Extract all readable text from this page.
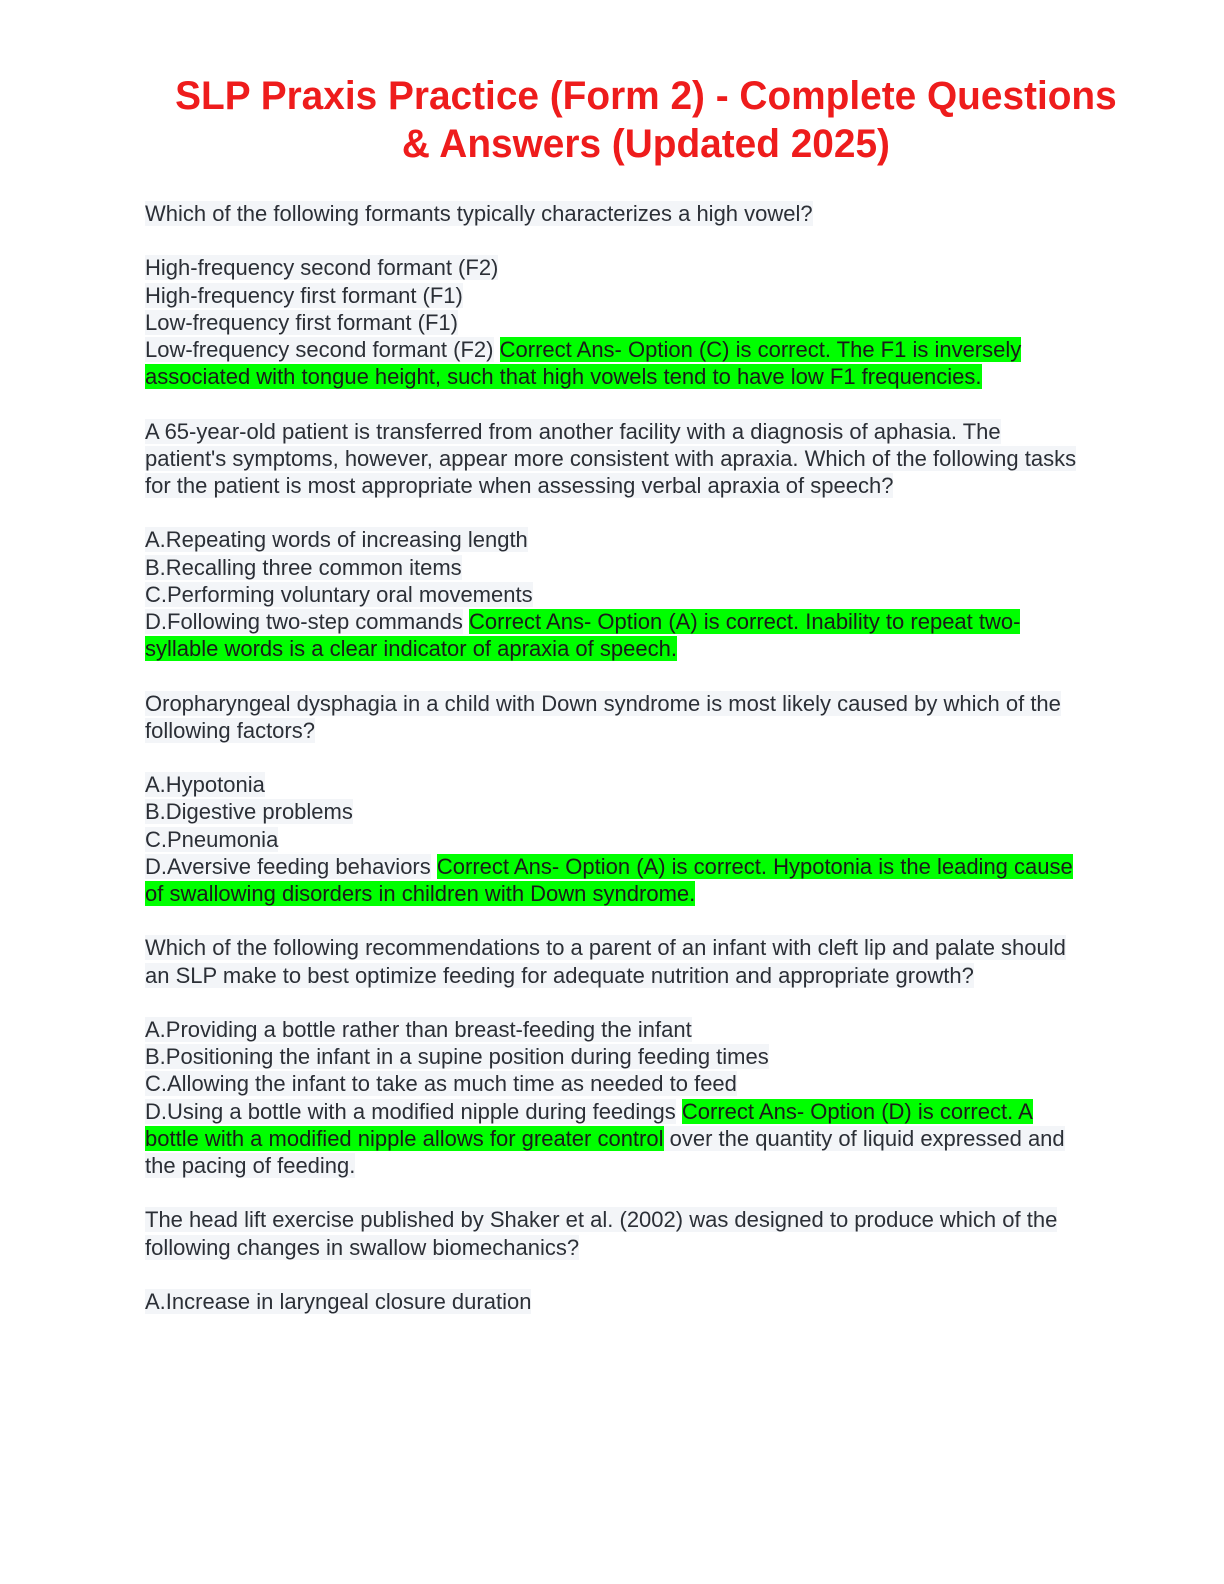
SLP Praxis Practice (Form 2) - Complete Questions
& Answers (Updated 2025)
Which of the following formants typically characterizes a high vowel?
High-frequency second formant (F2)
High-frequency first formant (F1)
Low-frequency first formant (F1)
Low-frequency second formant (F2) Correct Ans- Option (C) is correct. The F1 is inversely associated with tongue height, such that high vowels tend to have low F1 frequencies.
A 65-year-old patient is transferred from another facility with a diagnosis of aphasia. The patient's symptoms, however, appear more consistent with apraxia. Which of the following tasks for the patient is most appropriate when assessing verbal apraxia of speech?
A.Repeating words of increasing length
B.Recalling three common items
C.Performing voluntary oral movements
D.Following two-step commands Correct Ans- Option (A) is correct. Inability to repeat two-syllable words is a clear indicator of apraxia of speech.
Oropharyngeal dysphagia in a child with Down syndrome is most likely caused by which of the following factors?
A.Hypotonia
B.Digestive problems
C.Pneumonia
D.Aversive feeding behaviors Correct Ans- Option (A) is correct. Hypotonia is the leading cause of swallowing disorders in children with Down syndrome.
Which of the following recommendations to a parent of an infant with cleft lip and palate should an SLP make to best optimize feeding for adequate nutrition and appropriate growth?
A.Providing a bottle rather than breast-feeding the infant
B.Positioning the infant in a supine position during feeding times
C.Allowing the infant to take as much time as needed to feed
D.Using a bottle with a modified nipple during feedings Correct Ans- Option (D) is correct. A bottle with a modified nipple allows for greater control over the quantity of liquid expressed and the pacing of feeding.
The head lift exercise published by Shaker et al. (2002) was designed to produce which of the following changes in swallow biomechanics?
A.Increase in laryngeal closure duration
